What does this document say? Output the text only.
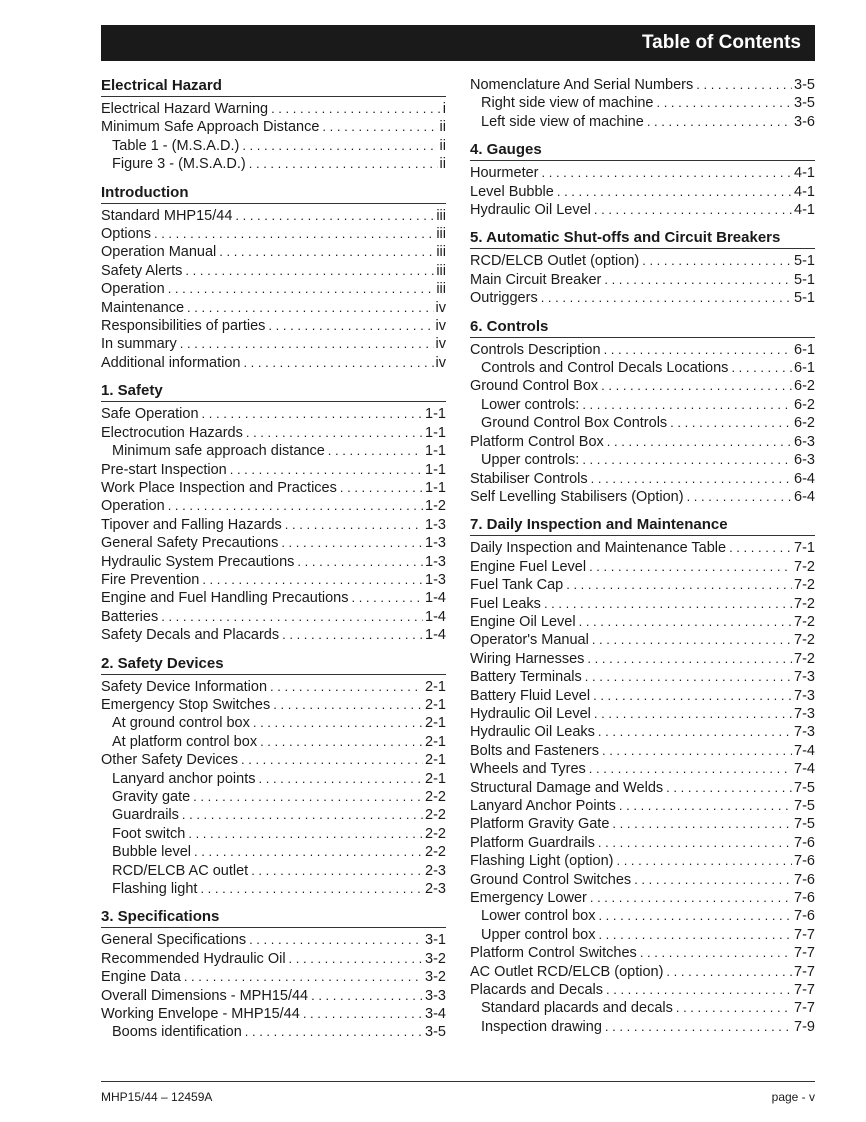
Table of Contents
Electrical Hazard
Electrical Hazard Warning . . .	i
Minimum Safe Approach Distance . . .	ii
Table 1 - (M.S.A.D.) . . .	ii
Figure 3 - (M.S.A.D.) . . .	ii
Introduction
Standard MHP15/44 . . .	iii
Options . . .	iii
Operation Manual . . .	iii
Safety Alerts . . .	iii
Operation . . .	iii
Maintenance . . .	iv
Responsibilities of parties . . .	iv
In summary . . .	iv
Additional information . . .	iv
1. Safety
Safe Operation . . .	1-1
Electrocution Hazards . . .	1-1
Minimum safe approach distance . . .	1-1
Pre-start Inspection . . .	1-1
Work Place Inspection and Practices . . .	1-1
Operation . . .	1-2
Tipover and Falling Hazards . . .	1-3
General Safety Precautions . . .	1-3
Hydraulic System Precautions . . .	1-3
Fire Prevention . . .	1-3
Engine and Fuel Handling Precautions . . .	1-4
Batteries . . .	1-4
Safety Decals and Placards . . .	1-4
2. Safety Devices
Safety Device Information . . .	2-1
Emergency Stop Switches . . .	2-1
At ground control box . . .	2-1
At platform control box . . .	2-1
Other Safety Devices . . .	2-1
Lanyard anchor points . . .	2-1
Gravity gate . . .	2-2
Guardrails . . .	2-2
Foot switch . . .	2-2
Bubble level . . .	2-2
RCD/ELCB AC outlet . . .	2-3
Flashing light . . .	2-3
3. Specifications
General Specifications . . .	3-1
Recommended Hydraulic Oil . . .	3-2
Engine Data . . .	3-2
Overall Dimensions - MPH15/44 . . .	3-3
Working Envelope - MHP15/44 . . .	3-4
Booms identification . . .	3-5
Nomenclature And Serial Numbers . . .	3-5
Right side view of machine . . .	3-5
Left side view of machine . . .	3-6
4. Gauges
Hourmeter . . .	4-1
Level Bubble . . .	4-1
Hydraulic Oil Level . . .	4-1
5. Automatic Shut-offs and Circuit Breakers
RCD/ELCB Outlet (option) . . .	5-1
Main Circuit Breaker . . .	5-1
Outriggers . . .	5-1
6. Controls
Controls Description . . .	6-1
Controls and Control Decals Locations . . .	6-1
Ground Control Box . . .	6-2
Lower controls: . . .	6-2
Ground Control Box Controls . . .	6-2
Platform Control Box . . .	6-3
Upper controls: . . .	6-3
Stabiliser Controls . . .	6-4
Self Levelling Stabilisers (Option) . . .	6-4
7. Daily Inspection and Maintenance
Daily Inspection and Maintenance Table . . .	7-1
Engine Fuel Level . . .	7-2
Fuel Tank Cap . . .	7-2
Fuel Leaks . . .	7-2
Engine Oil Level . . .	7-2
Operator's Manual . . .	7-2
Wiring Harnesses . . .	7-2
Battery Terminals . . .	7-3
Battery Fluid Level . . .	7-3
Hydraulic Oil Level . . .	7-3
Hydraulic Oil Leaks . . .	7-3
Bolts and Fasteners . . .	7-4
Wheels and Tyres . . .	7-4
Structural Damage and Welds . . .	7-5
Lanyard Anchor Points . . .	7-5
Platform Gravity Gate . . .	7-5
Platform Guardrails . . .	7-6
Flashing Light (option) . . .	7-6
Ground Control Switches . . .	7-6
Emergency Lower . . .	7-6
Lower control box . . .	7-6
Upper control box . . .	7-7
Platform Control Switches . . .	7-7
AC Outlet RCD/ELCB (option) . . .	7-7
Placards and Decals . . .	7-7
Standard placards and decals . . .	7-7
Inspection drawing . . .	7-9
MHP15/44 – 12459A	page - v
